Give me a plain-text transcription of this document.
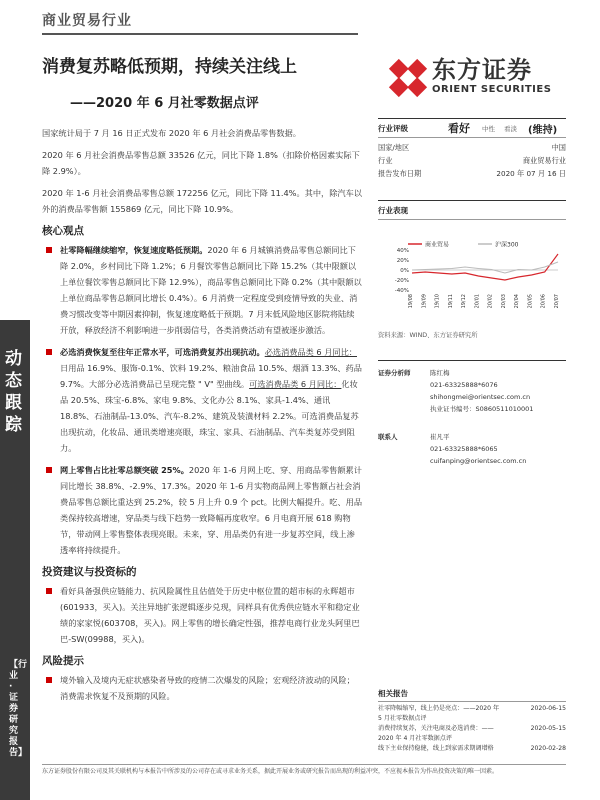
商业贸易行业
消费复苏略低预期，持续关注线上
——2020 年 6 月社零数据点评
东方证券
ORIENT SECURITIES
动态跟踪
【行业·证券研究报告】

国家统计局于 7 月 16 日正式发布 2020 年 6 月社会消费品零售数据。

2020 年 6 月社会消费品零售总额 33526 亿元，同比下降 1.8%（扣除价格因素实际下降 2.9%）。

2020 年 1-6 月社会消费品零售总额 172256 亿元，同比下降 11.4%。其中，除汽车以外的消费品零售额 155869 亿元，同比下降 10.9%。

核心观点
社零降幅继续缩窄，恢复速度略低预期。2020 年 6 月城镇消费品零售总额同比下降 2.0%，乡村同比下降 1.2%；6 月餐饮零售总额同比下降 15.2%（其中限额以上单位餐饮零售总额同比下降 12.9%），商品零售总额同比下降 0.2%（其中限额以上单位商品零售总额同比增长 0.4%）。6 月消费一定程度受到疫情导致的失业、消费习惯改变等中期因素抑制，恢复速度略低于预期。7 月末低风险地区影院将陆续开放，释放经济不利影响进一步削弱信号，各类消费活动有望被逐步激活。
必选消费恢复至往年正常水平，可选消费复苏出现抗动。必选消费品类 6 月同比：日用品 16.9%、服饰-0.1%、饮料 19.2%、粮油食品 10.5%、烟酒 13.3%、药品 9.7%。大部分必选消费品已呈现完整 " V" 型曲线。可选消费品类 6 月同比：化妆品 20.5%、珠宝-6.8%、家电 9.8%、文化办公 8.1%、家具-1.4%、通讯 18.8%、石油制品-13.0%、汽车-8.2%、建筑及装潢材料 2.2%。可选消费品复苏出现抗动，化妆品、通讯类增速亮眼，珠宝、家具、石油制品、汽车类复苏受到阻力。
网上零售占比社零总额突破 25%。2020 年 1-6 月网上吃、穿、用商品零售额累计同比增长 38.8%、-2.9%、17.3%。2020 年 1-6 月实物商品网上零售额占社会消费品零售总额比重达到 25.2%，较 5 月上升 0.9 个 pct。比例大幅提升。吃、用品类保持较高增速，穿品类与线下趋势一致降幅再度收窄。6 月电商开展 618 购物节，带动网上零售整体表现亮眼。未来，穿、用品类仍有进一步复苏空间，线上渗透率将持续提升。
投资建议与投资标的
看好具备强供应链能力、抗风险属性且估值处于历史中枢位置的超市标的永辉超市(601933，买入)。关注异地扩张逻辑逐步兑现，同样具有优秀供应链水平和稳定业绩的家家悦(603708，买入)。网上零售的增长确定性强，推荐电商行业龙头阿里巴巴-SW(09988，买入)。
风险提示
境外输入及境内无症状感染者导致的疫情二次爆发的风险；宏观经济波动的风险；消费需求恢复不及预期的风险。
行业评级	看好 中性 看淡 (维持)
国家/地区	中国
行业	商业贸易行业
报告发布日期	2020 年 07 月 16 日
行业表现
商业贸易	沪深300
40%
20%
0%
-20%
-40%
19/08 19/09 19/10 19/11 19/12 20/01 20/02 20/03 20/04 20/05 20/06 20/07
资料来源：WIND、东方证券研究所
证券分析师	陈红梅
021-63325888*6076
shihongmei@orientsec.com.cn
执业证书编号：S0860511010001
联系人	崔凡平
021-63325888*6065
cuifanping@orientsec.com.cn
相关报告
社零降幅缩窄，线上仍是亮点：——2020 年	2020-06-15
5 月社零数据点评
消费持续复苏，关注电商及必选消费：——	2020-05-15
2020 年 4 月社零数据点评
线下主业保持稳健，线上到家需求期调增格	2020-02-28
东方证券股份有限公司及其关联机构与本报告中所涉及的公司存在或寻求业务关系，据此开展业务或研究报告而出现的利益冲突，不应视本报告为作出投资决策的唯一因素。
